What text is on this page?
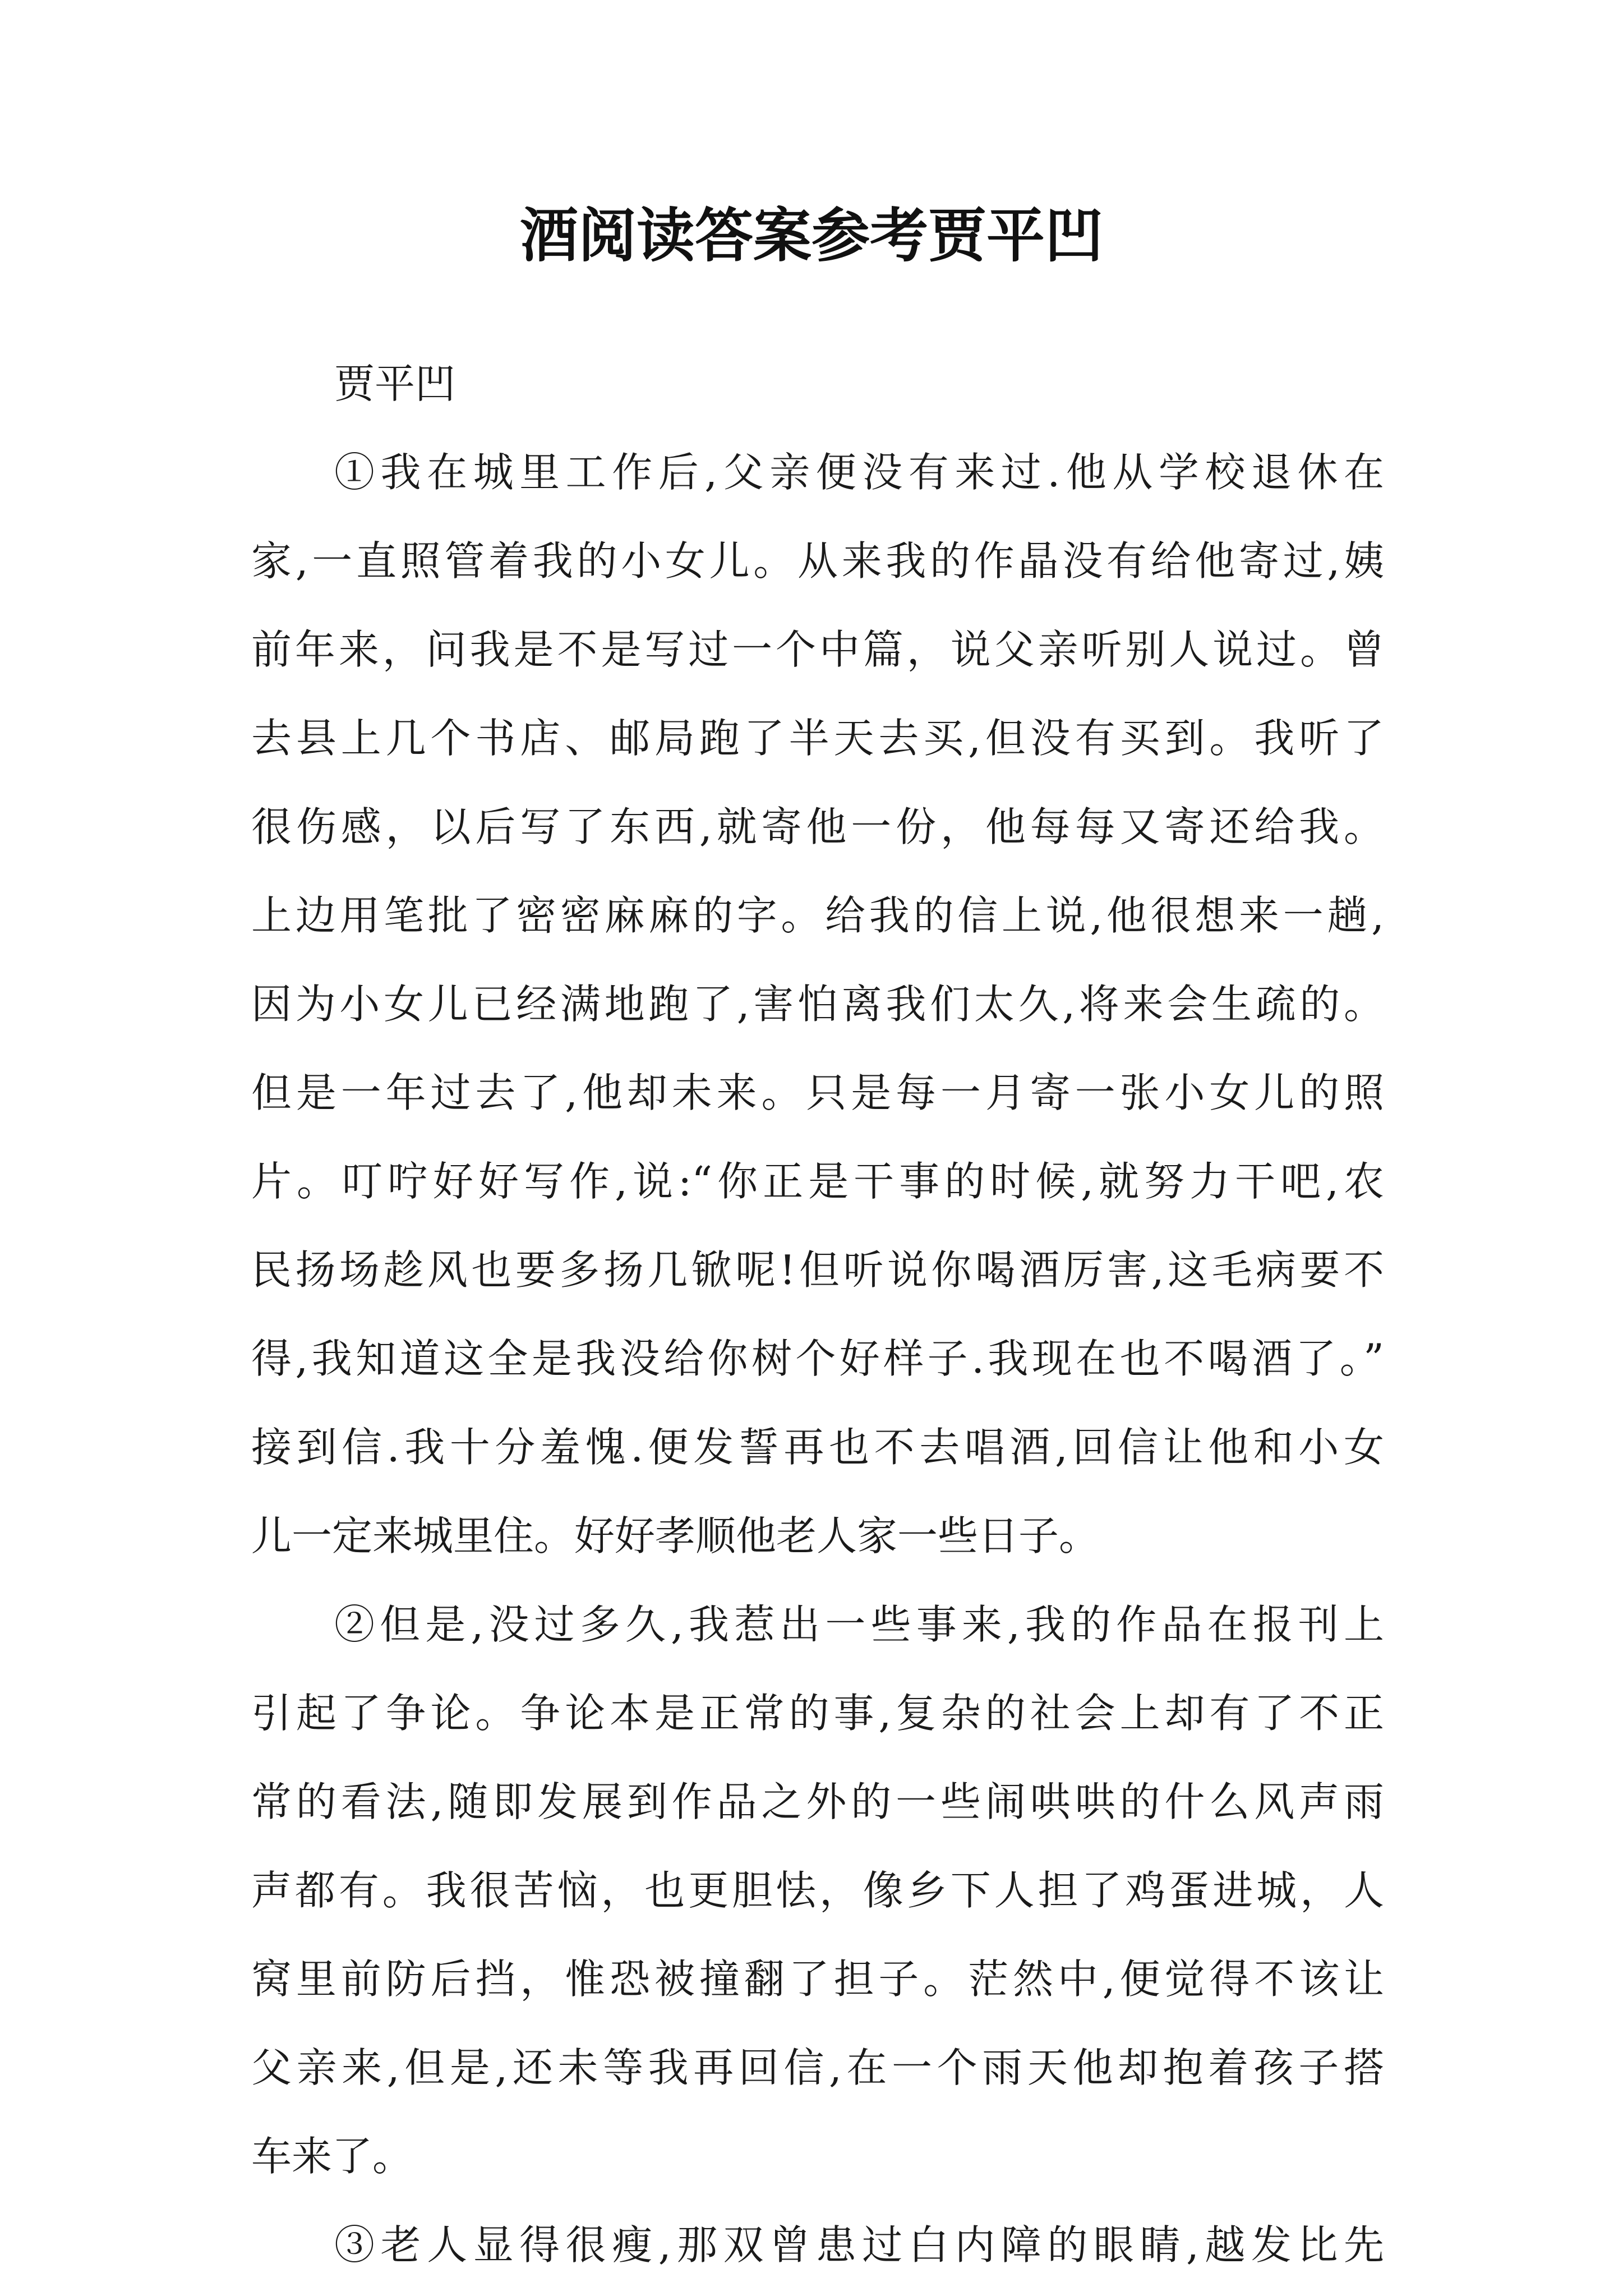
酒阅读答案参考贾平凹
贾平凹
①我在城里工作后,父亲便没有来过.他从学校退休在
家,一直照管着我的小女儿。从来我的作晶没有给他寄过,姨
前年来，问我是不是写过一个中篇，说父亲听别人说过。曾
去县上几个书店、邮局跑了半天去买,但没有买到。我听了
很伤感，以后写了东西,就寄他一份，他每每又寄还给我。
上边用笔批了密密麻麻的字。给我的信上说,他很想来一趟,
因为小女儿已经满地跑了,害怕离我们太久,将来会生疏的。
但是一年过去了,他却未来。只是每一月寄一张小女儿的照
片。叮咛好好写作,说:“你正是干事的时候,就努力干吧,农
民扬场趁风也要多扬几锨呢!但听说你喝酒厉害,这毛病要不
得,我知道这全是我没给你树个好样子.我现在也不喝酒了。”
接到信.我十分羞愧.便发誓再也不去唱酒,回信让他和小女
儿一定来城里住。好好孝顺他老人家一些日子。
②但是,没过多久,我惹出一些事来,我的作品在报刊上
引起了争论。争论本是正常的事,复杂的社会上却有了不正
常的看法,随即发展到作品之外的一些闹哄哄的什么风声雨
声都有。我很苦恼，也更胆怯，像乡下人担了鸡蛋进城，人
窝里前防后挡，惟恐被撞翻了担子。茫然中,便觉得不该让
父亲来,但是,还未等我再回信,在一个雨天他却抱着孩子搭
车来了。
③老人显得很瘦,那双曾患过白内障的眼睛,越发比先
